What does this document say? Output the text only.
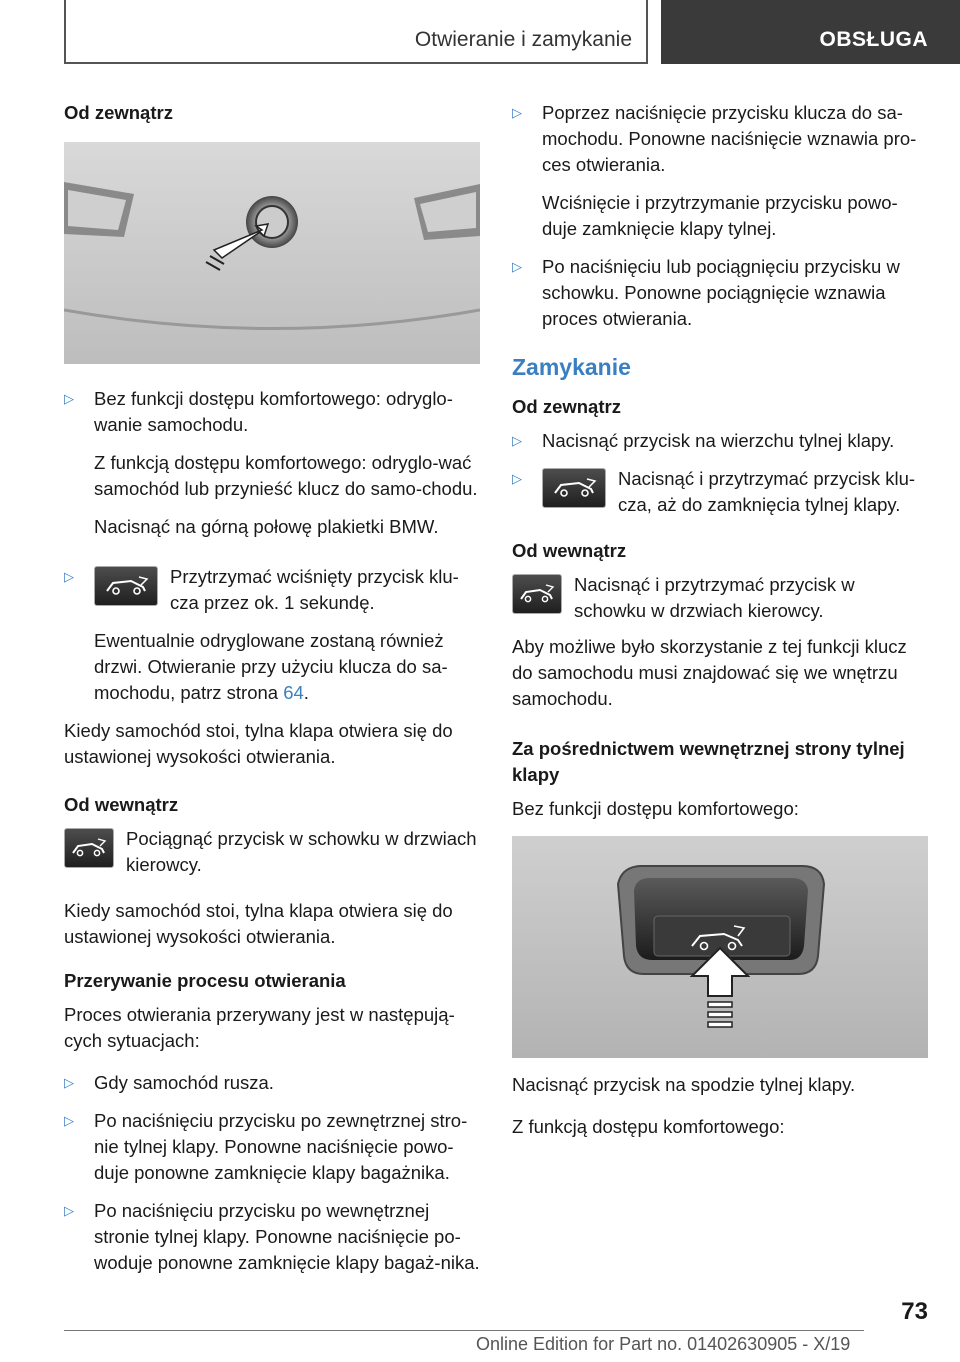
Otwieranie i zamykanie	OBSŁUGA
Od zewnątrz
▷ Bez funkcji dostępu komfortowego: odryglo-wanie samochodu.

Z funkcją dostępu komfortowego: odryglo-wać samochód lub przynieść klucz do samo-chodu.

Nacisnąć na górną połowę plakietki BMW.

▷	Przytrzymać wciśnięty przycisk klu-cza przez ok. 1 sekundę.

Ewentualnie odryglowane zostaną również drzwi. Otwieranie przy użyciu klucza do sa-mochodu, patrz strona 64.

Kiedy samochód stoi, tylna klapa otwiera się do ustawionej wysokości otwierania.

Od wewnątrz
Pociągnąć przycisk w schowku w drzwiach kierowcy.

Kiedy samochód stoi, tylna klapa otwiera się do ustawionej wysokości otwierania.

Przerywanie procesu otwierania

Proces otwierania przerywany jest w następują-cych sytuacjach:

▷ Gdy samochód rusza.

▷ Po naciśnięciu przycisku po zewnętrznej stro-nie tylnej klapy. Ponowne naciśnięcie powo-duje ponowne zamknięcie klapy bagażnika.

▷ Po naciśnięciu przycisku po wewnętrznej stronie tylnej klapy. Ponowne naciśnięcie po-woduje ponowne zamknięcie klapy bagaż-nika.

▷ Poprzez naciśnięcie przycisku klucza do sa-mochodu. Ponowne naciśnięcie wznawia pro-ces otwierania.

Wciśnięcie i przytrzymanie przycisku powo-duje zamknięcie klapy tylnej.

▷ Po naciśnięciu lub pociągnięciu przycisku w schowku. Ponowne pociągnięcie wznawia proces otwierania.

Zamykanie
Od zewnątrz
▷ Nacisnąć przycisk na wierzchu tylnej klapy.

▷	Nacisnąć i przytrzymać przycisk klu-cza, aż do zamknięcia tylnej klapy.
Od wewnątrz
Nacisnąć i przytrzymać przycisk w schowku w drzwiach kierowcy.

Aby możliwe było skorzystanie z tej funkcji klucz do samochodu musi znajdować się we wnętrzu samochodu.

Za pośrednictwem wewnętrznej strony tylnej klapy

Bez funkcji dostępu komfortowego:

Nacisnąć przycisk na spodzie tylnej klapy.

Z funkcją dostępu komfortowego:

73
Online Edition for Part no. 01402630905 - X/19
